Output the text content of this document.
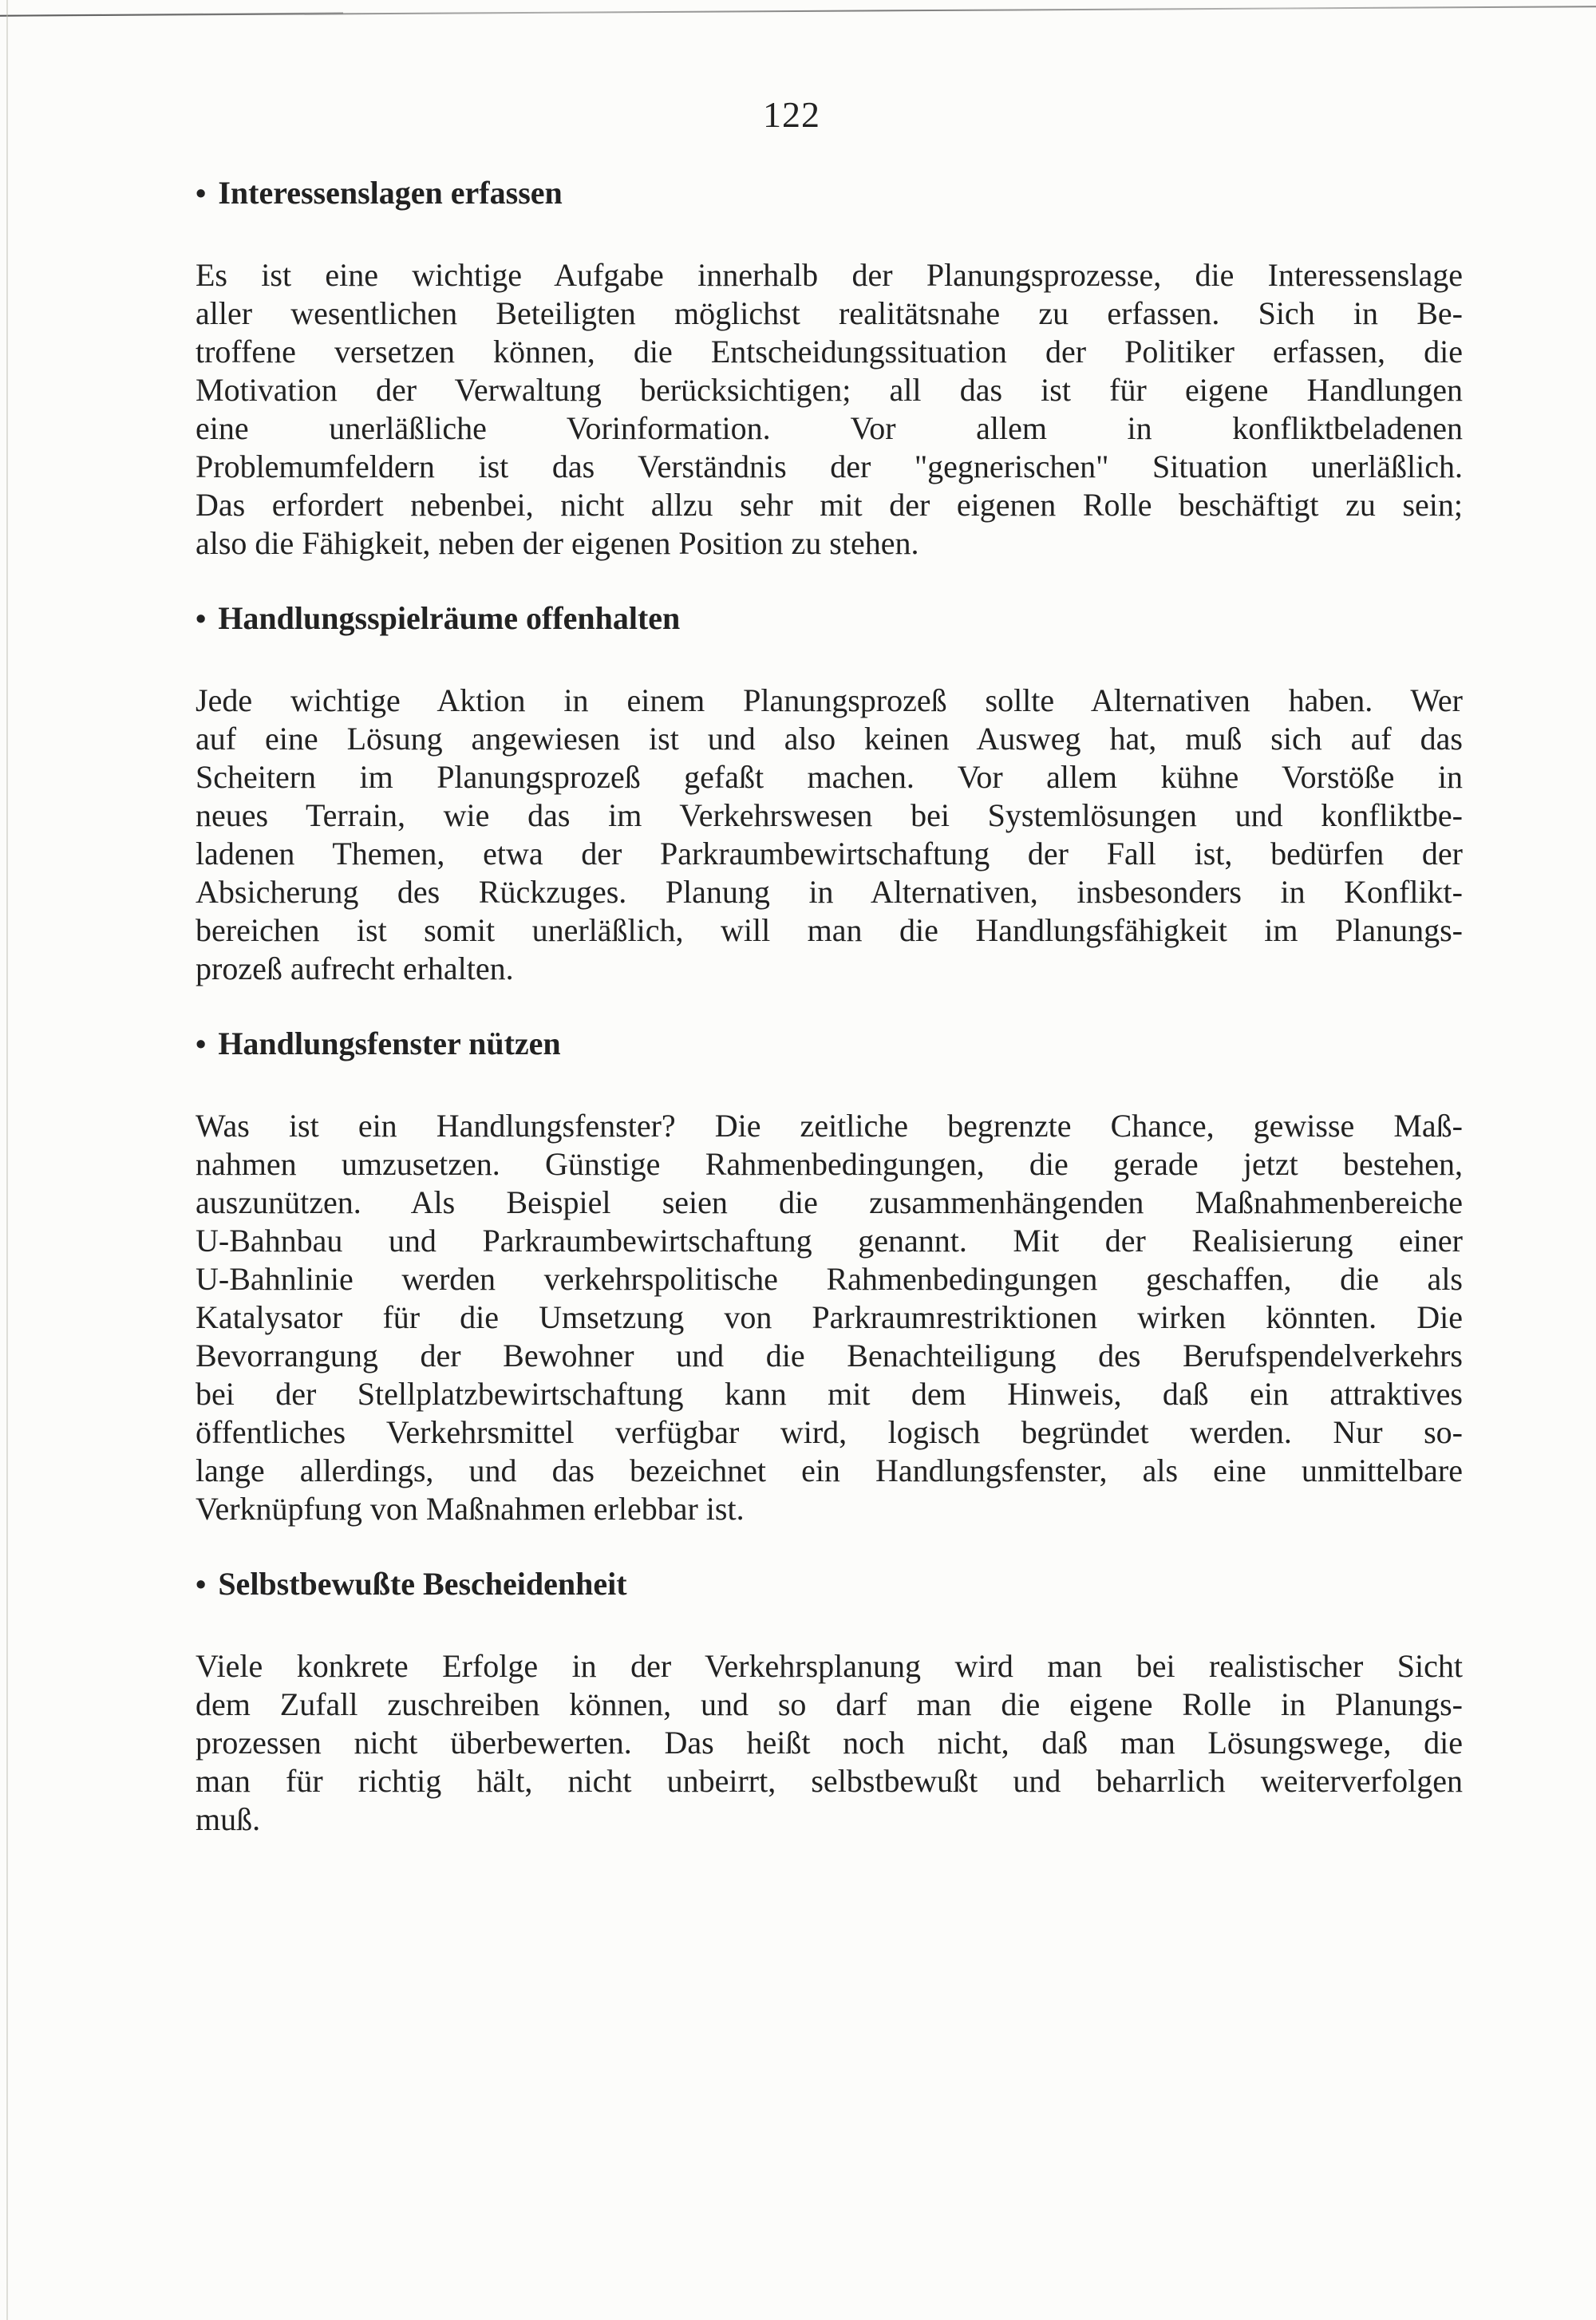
122
• Interessenslagen erfassen
Es ist eine wichtige Aufgabe innerhalb der Planungsprozesse, die Interessenslage
aller wesentlichen Beteiligten möglichst realitätsnahe zu erfassen. Sich in Be-
troffene versetzen können, die Entscheidungssituation der Politiker erfassen, die
Motivation der Verwaltung berücksichtigen; all das ist für eigene Handlungen
eine unerläßliche Vorinformation. Vor allem in konfliktbeladenen
Problemumfeldern ist das Verständnis der "gegnerischen" Situation unerläßlich.
Das erfordert nebenbei, nicht allzu sehr mit der eigenen Rolle beschäftigt zu sein;
also die Fähigkeit, neben der eigenen Position zu stehen.
• Handlungsspielräume offenhalten
Jede wichtige Aktion in einem Planungsprozeß sollte Alternativen haben. Wer
auf eine Lösung angewiesen ist und also keinen Ausweg hat, muß sich auf das
Scheitern im Planungsprozeß gefaßt machen. Vor allem kühne Vorstöße in
neues Terrain, wie das im Verkehrswesen bei Systemlösungen und konfliktbe-
ladenen Themen, etwa der Parkraumbewirtschaftung der Fall ist, bedürfen der
Absicherung des Rückzuges. Planung in Alternativen, insbesonders in Konflikt-
bereichen ist somit unerläßlich, will man die Handlungsfähigkeit im Planungs-
prozeß aufrecht erhalten.
• Handlungsfenster nützen
Was ist ein Handlungsfenster? Die zeitliche begrenzte Chance, gewisse Maß-
nahmen umzusetzen. Günstige Rahmenbedingungen, die gerade jetzt bestehen,
auszunützen. Als Beispiel seien die zusammenhängenden Maßnahmenbereiche
U-Bahnbau und Parkraumbewirtschaftung genannt. Mit der Realisierung einer
U-Bahnlinie werden verkehrspolitische Rahmenbedingungen geschaffen, die als
Katalysator für die Umsetzung von Parkraumrestriktionen wirken könnten. Die
Bevorrangung der Bewohner und die Benachteiligung des Berufspendelverkehrs
bei der Stellplatzbewirtschaftung kann mit dem Hinweis, daß ein attraktives
öffentliches Verkehrsmittel verfügbar wird, logisch begründet werden. Nur so-
lange allerdings, und das bezeichnet ein Handlungsfenster, als eine unmittelbare
Verknüpfung von Maßnahmen erlebbar ist.
• Selbstbewußte Bescheidenheit
Viele konkrete Erfolge in der Verkehrsplanung wird man bei realistischer Sicht
dem Zufall zuschreiben können, und so darf man die eigene Rolle in Planungs-
prozessen nicht überbewerten. Das heißt noch nicht, daß man Lösungswege, die
man für richtig hält, nicht unbeirrt, selbstbewußt und beharrlich weiterverfolgen
muß.
